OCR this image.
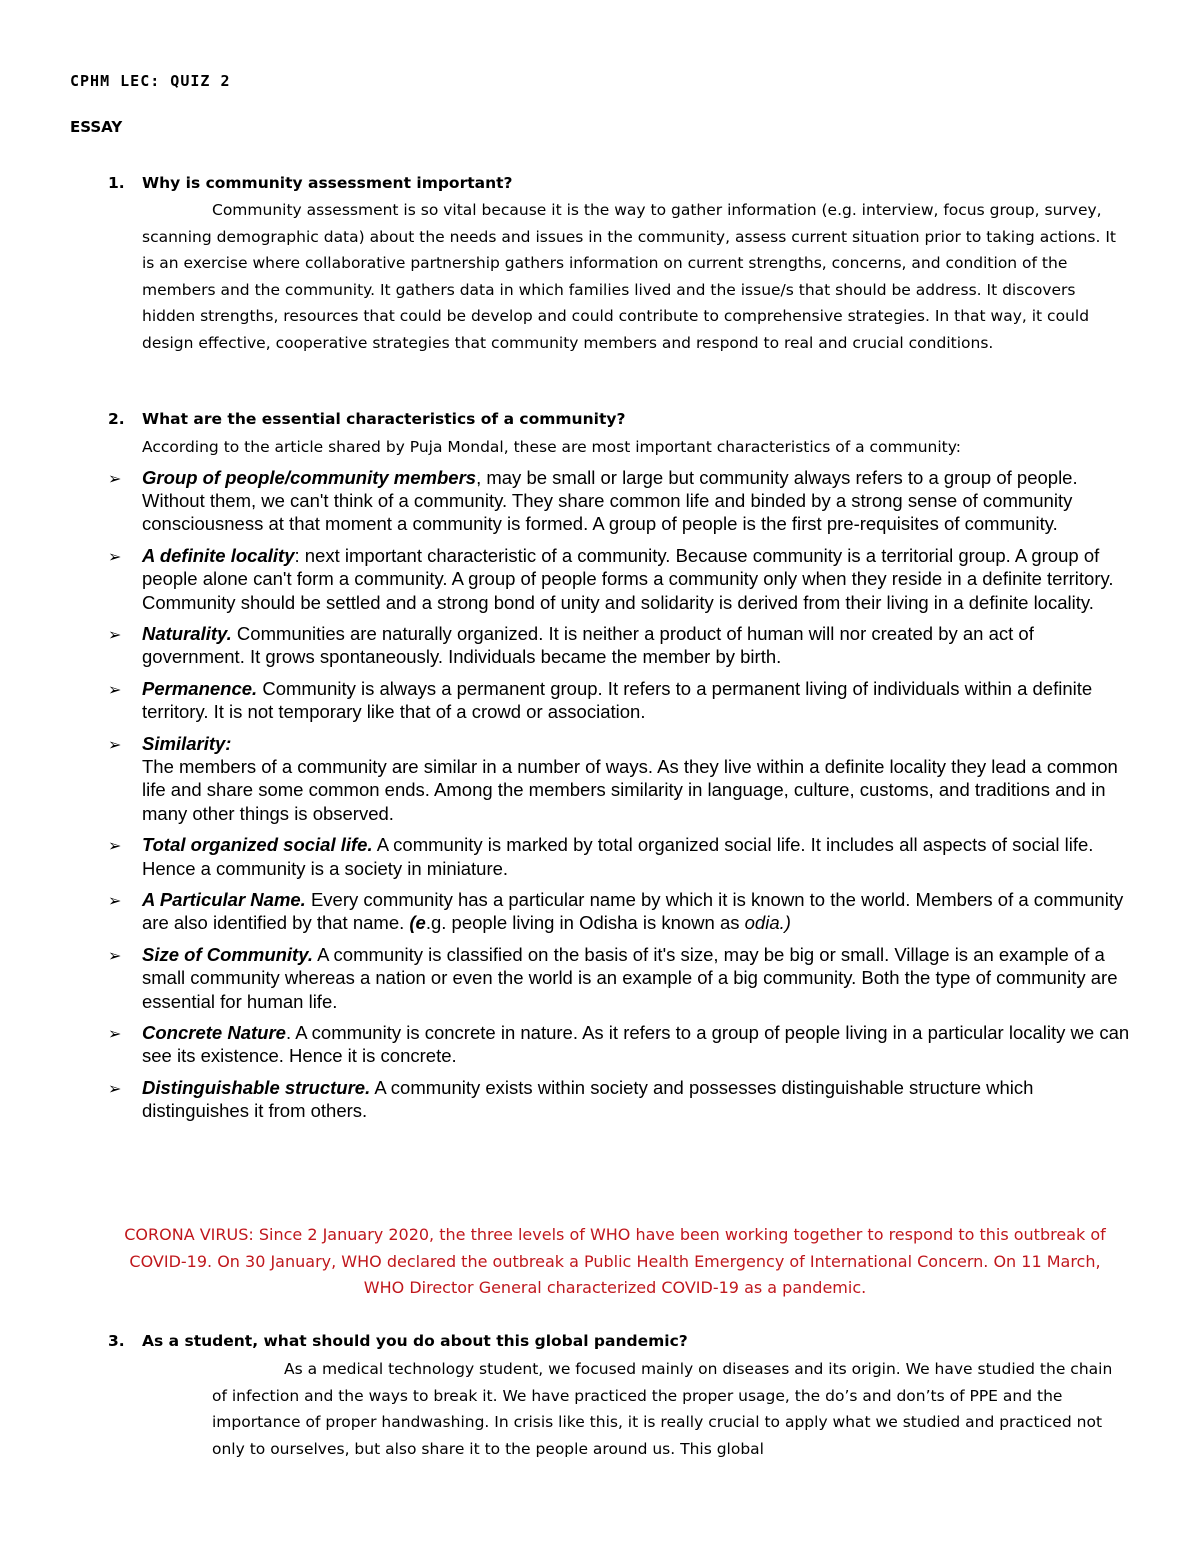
CPHM LEC: QUIZ 2
ESSAY
1. Why is community assessment important?
Community assessment is so vital because it is the way to gather information (e.g. interview, focus group, survey, scanning demographic data) about the needs and issues in the community, assess current situation prior to taking actions. It is an exercise where collaborative partnership gathers information on current strengths, concerns, and condition of the members and the community. It gathers data in which families lived and the issue/s that should be address. It discovers hidden strengths, resources that could be develop and could contribute to comprehensive strategies. In that way, it could design effective, cooperative strategies that community members and respond to real and crucial conditions.
2. What are the essential characteristics of a community?
According to the article shared by Puja Mondal, these are most important characteristics of a community:
➢ Group of people/community members, may be small or large but community always refers to a group of people. Without them, we can't think of a community. They share common life and binded by a strong sense of community consciousness at that moment a community is formed. A group of people is the first pre-requisites of community.
➢ A definite locality: next important characteristic of a community. Because community is a territorial group. A group of people alone can't form a community. A group of people forms a community only when they reside in a definite territory. Community should be settled and a strong bond of unity and solidarity is derived from their living in a definite locality.
➢ Naturality. Communities are naturally organized. It is neither a product of human will nor created by an act of government. It grows spontaneously. Individuals became the member by birth.
➢ Permanence. Community is always a permanent group. It refers to a permanent living of individuals within a definite territory. It is not temporary like that of a crowd or association.
➢ Similarity:
The members of a community are similar in a number of ways. As they live within a definite locality they lead a common life and share some common ends. Among the members similarity in language, culture, customs, and traditions and in many other things is observed.
➢ Total organized social life. A community is marked by total organized social life. It includes all aspects of social life. Hence a community is a society in miniature.
➢ A Particular Name. Every community has a particular name by which it is known to the world. Members of a community are also identified by that name. (e.g. people living in Odisha is known as odia.)
➢ Size of Community. A community is classified on the basis of it's size, may be big or small. Village is an example of a small community whereas a nation or even the world is an example of a big community. Both the type of community are essential for human life.
➢ Concrete Nature. A community is concrete in nature. As it refers to a group of people living in a particular locality we can see its existence. Hence it is concrete.
➢ Distinguishable structure. A community exists within society and possesses distinguishable structure which distinguishes it from others.
CORONA VIRUS: Since 2 January 2020, the three levels of WHO have been working together to respond to this outbreak of COVID-19. On 30 January, WHO declared the outbreak a Public Health Emergency of International Concern. On 11 March, WHO Director General characterized COVID-19 as a pandemic.
3. As a student, what should you do about this global pandemic?
As a medical technology student, we focused mainly on diseases and its origin. We have studied the chain of infection and the ways to break it. We have practiced the proper usage, the do’s and don’ts of PPE and the importance of proper handwashing. In crisis like this, it is really crucial to apply what we studied and practiced not only to ourselves, but also share it to the people around us. This global
